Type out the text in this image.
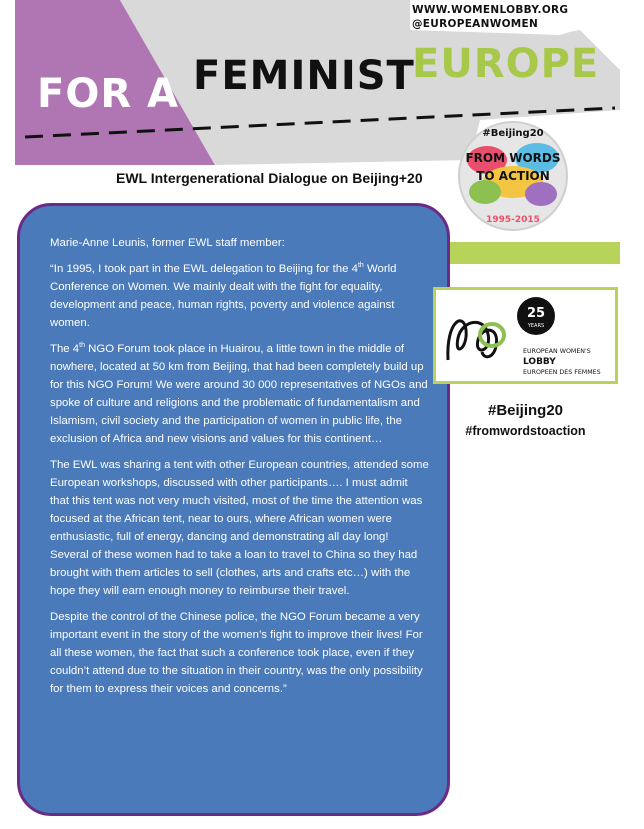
WWW.WOMENLOBBY.ORG
@EUROPEANWOMEN
FOR A FEMINIST
EUROPE
EWL Intergenerational Dialogue on Beijing+20
#Beijing20
FROM WORDS
TO ACTION
1995-2015

Marie-Anne Leunis, former EWL staff member:

“In 1995, I took part in the EWL delegation to Beijing for the 4th World Conference on Women. We mainly dealt with the fight for equality, development and peace, human rights, poverty and violence against women.

The 4th NGO Forum took place in Huairou, a little town in the middle of nowhere, located at 50 km from Beijing, that had been completely build up for this NGO Forum! We were around 30 000 representatives of NGOs and spoke of culture and religions and the problematic of fundamentalism and Islamism, civil society and the participation of women in public life, the exclusion of Africa and new visions and values for this continent…

The EWL was sharing a tent with other European countries, attended some European workshops, discussed with other participants…. I must admit that this tent was not very much visited, most of the time the attention was focused at the African tent, near to ours, where African women were enthusiastic, full of energy, dancing and demonstrating all day long! Several of these women had to take a loan to travel to China so they had brought with them articles to sell (clothes, arts and crafts etc…) with the hope they will earn enough money to reimburse their travel.

Despite the control of the Chinese police, the NGO Forum became a very important event in the story of the women’s fight to improve their lives! For all these women, the fact that such a conference took place, even if they couldn’t attend due to the situation in their country, was the only possibility for them to express their voices and concerns.”

25
YEARS
EUROPEAN WOMEN'S
LOBBY
EUROPEEN DES FEMMES
#Beijing20
#fromwordstoaction
